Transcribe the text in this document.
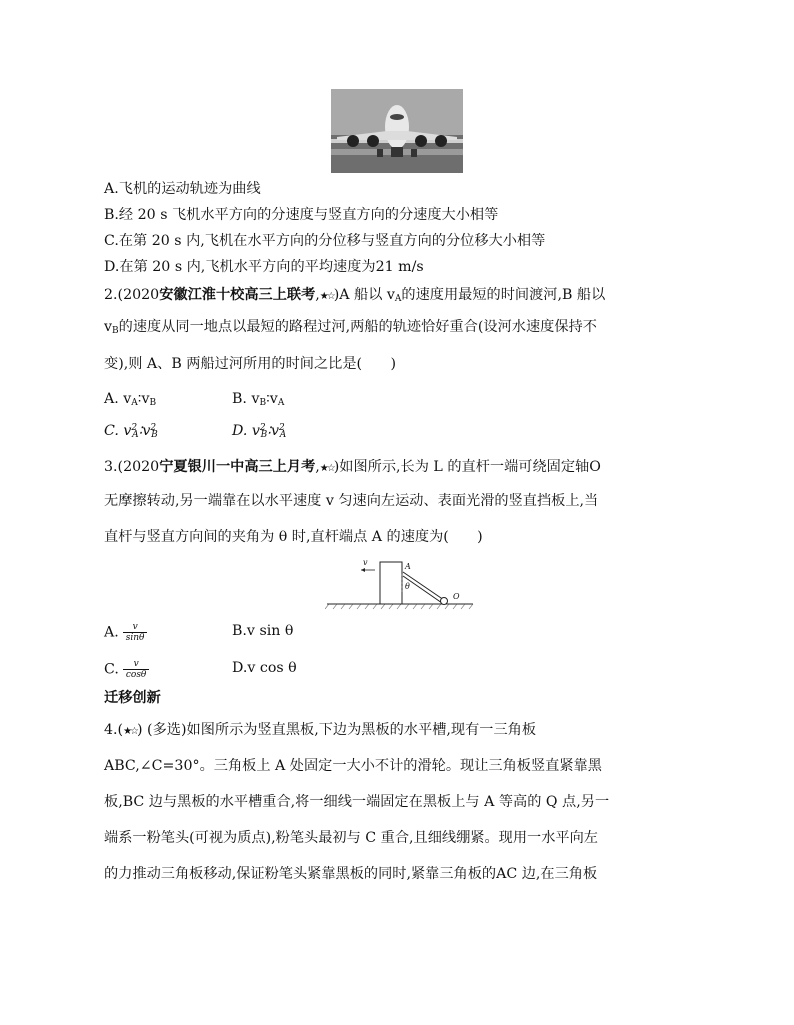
A.飞机的运动轨迹为曲线
B.经 20 s 飞机水平方向的分速度与竖直方向的分速度大小相等
C.在第 20 s 内,飞机在水平方向的分位移与竖直方向的分位移大小相等
D.在第 20 s 内,飞机水平方向的平均速度为21 m/s
2.(2020安徽江淮十校高三上联考,★☆)A 船以 $v_A$的速度用最短的时间渡河,B 船以
$v_B$的速度从同一地点以最短的路程过河,两船的轨迹恰好重合(设河水速度保持不
变),则 A、B 两船过河所用的时间之比是(　　)
A. $v_A∶v_B$	B. $v_B∶v_A$
C. $v^2_A∶v^2_B$	D. $v^2_B∶v^2_A$
3.(2020宁夏银川一中高三上月考,★☆)如图所示,长为 L 的直杆一端可绕固定轴O
无摩擦转动,另一端靠在以水平速度 v 匀速向左运动、表面光滑的竖直挡板上,当
直杆与竖直方向间的夹角为 θ 时,直杆端点 A 的速度为(　　)
v	A
θ
O
A. $\frac{v}{\sin\theta}$	B.v sin θ
C. $\frac{v}{\cos\theta}$	D.v cos θ
迁移创新
4.(★☆) (多选)如图所示为竖直黑板,下边为黑板的水平槽,现有一三角板
ABC,∠C=30°。三角板上 A 处固定一大小不计的滑轮。现让三角板竖直紧靠黑
板,BC 边与黑板的水平槽重合,将一细线一端固定在黑板上与 A 等高的 Q 点,另一
端系一粉笔头(可视为质点),粉笔头最初与 C 重合,且细线绷紧。现用一水平向左
的力推动三角板移动,保证粉笔头紧靠黑板的同时,紧靠三角板的AC 边,在三角板
